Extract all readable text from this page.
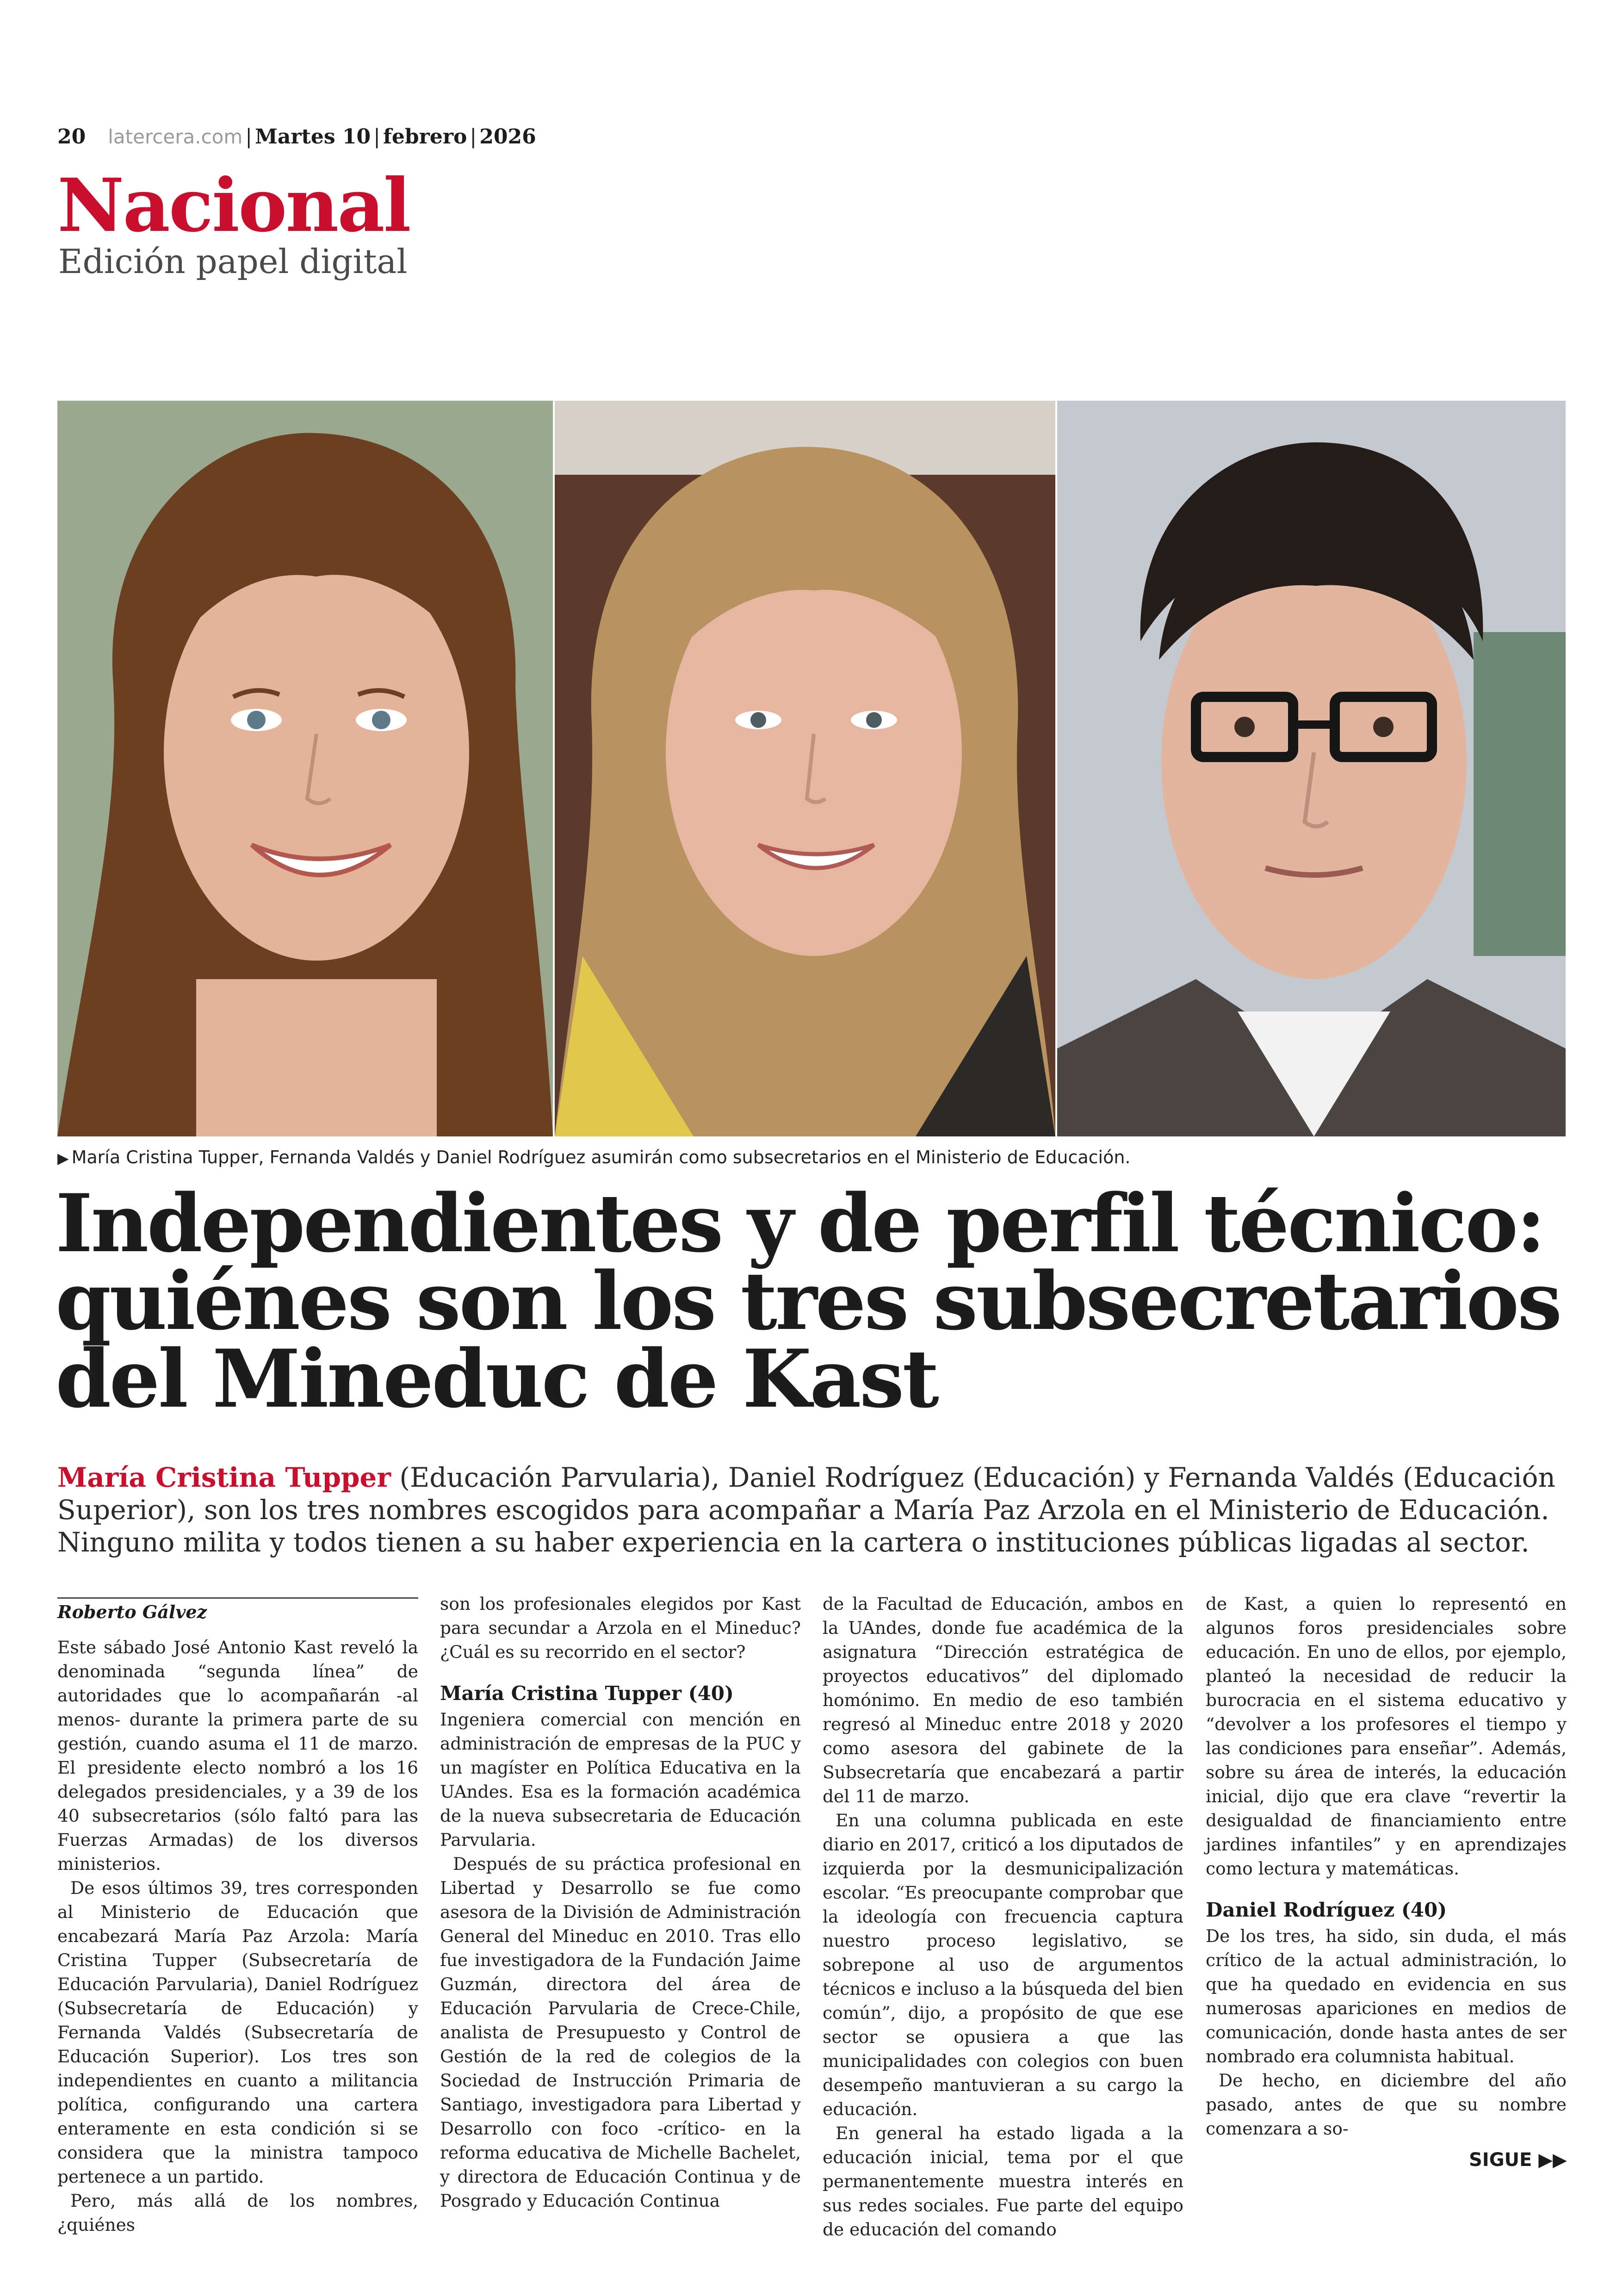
20 latercera.com | Martes 10 | febrero | 2026
Nacional
Edición papel digital
▶ María Cristina Tupper, Fernanda Valdés y Daniel Rodríguez asumirán como subsecretarios en el Ministerio de Educación.
Independientes y de perfil técnico:
quiénes son los tres subsecretarios
del Mineduc de Kast
María Cristina Tupper (Educación Parvularia), Daniel Rodríguez (Educación) y Fernanda Valdés (Educación Superior), son los tres nombres escogidos para acompañar a María Paz Arzola en el Ministerio de Educación. Ninguno milita y todos tienen a su haber experiencia en la cartera o instituciones públicas ligadas al sector.
Roberto Gálvez

Este sábado José Antonio Kast reveló la denominada “segunda línea” de autoridades que lo acompañarán -al menos- durante la primera parte de su gestión, cuando asuma el 11 de marzo. El presidente electo nombró a los 16 delegados presidenciales, y a 39 de los 40 subsecretarios (sólo faltó para las Fuerzas Armadas) de los diversos ministerios.

De esos últimos 39, tres corresponden al Ministerio de Educación que encabezará María Paz Arzola: María Cristina Tupper (Subsecretaría de Educación Parvularia), Daniel Rodríguez (Subsecretaría de Educación) y Fernanda Valdés (Subsecretaría de Educación Superior). Los tres son independientes en cuanto a militancia política, configurando una cartera enteramente en esta condición si se considera que la ministra tampoco pertenece a un partido.

Pero, más allá de los nombres, ¿quiénes

son los profesionales elegidos por Kast para secundar a Arzola en el Mineduc? ¿Cuál es su recorrido en el sector?

María Cristina Tupper (40)

Ingeniera comercial con mención en administración de empresas de la PUC y un magíster en Política Educativa en la UAndes. Esa es la formación académica de la nueva subsecretaria de Educación Parvularia.

Después de su práctica profesional en Libertad y Desarrollo se fue como asesora de la División de Administración General del Mineduc en 2010. Tras ello fue investigadora de la Fundación Jaime Guzmán, directora del área de Educación Parvularia de Crece-Chile, analista de Presupuesto y Control de Gestión de la red de colegios de la Sociedad de Instrucción Primaria de Santiago, investigadora para Libertad y Desarrollo con foco -crítico- en la reforma educativa de Michelle Bachelet, y directora de Educación Continua y de Posgrado y Educación Continua

de la Facultad de Educación, ambos en la UAndes, donde fue académica de la asignatura “Dirección estratégica de proyectos educativos” del diplomado homónimo. En medio de eso también regresó al Mineduc entre 2018 y 2020 como asesora del gabinete de la Subsecretaría que encabezará a partir del 11 de marzo.

En una columna publicada en este diario en 2017, criticó a los diputados de izquierda por la desmunicipalización escolar. “Es preocupante comprobar que la ideología con frecuencia captura nuestro proceso legislativo, se sobrepone al uso de argumentos técnicos e incluso a la búsqueda del bien común”, dijo, a propósito de que ese sector se opusiera a que las municipalidades con colegios con buen desempeño mantuvieran a su cargo la educación.

En general ha estado ligada a la educación inicial, tema por el que permanentemente muestra interés en sus redes sociales. Fue parte del equipo de educación del comando

de Kast, a quien lo representó en algunos foros presidenciales sobre educación. En uno de ellos, por ejemplo, planteó la necesidad de reducir la burocracia en el sistema educativo y “devolver a los profesores el tiempo y las condiciones para enseñar”. Además, sobre su área de interés, la educación inicial, dijo que era clave “revertir la desigualdad de financiamiento entre jardines infantiles” y en aprendizajes como lectura y matemáticas.

Daniel Rodríguez (40)

De los tres, ha sido, sin duda, el más crítico de la actual administración, lo que ha quedado en evidencia en sus numerosas apariciones en medios de comunicación, donde hasta antes de ser nombrado era columnista habitual.

De hecho, en diciembre del año pasado, antes de que su nombre comenzara a so-

SIGUE ▶▶
